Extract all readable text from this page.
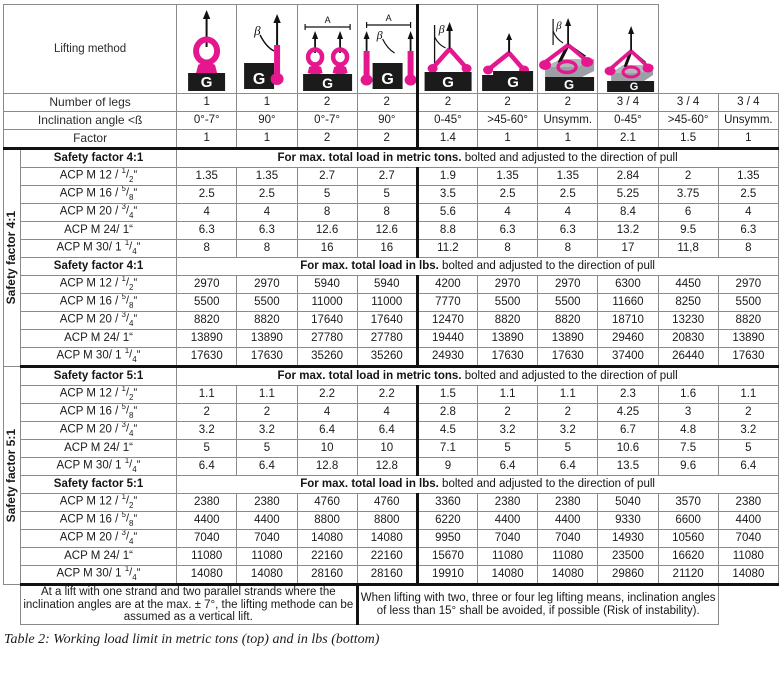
Lifting method		G	β
G	A
G	A
β
G	β
G	G	β
G	G		

Number of legs		1	1	2	2	2	2	2	3 / 4	3 / 4	3 / 4
Inclination angle <ß		0°-7°	90°	0°-7°	90°	0-45°	>45-60°	Unsymm.	0-45°	>45-60°	Unsymm.
Factor		1	1	2	2	1.4	1	1	2.1	1.5	1

Safety factor 4:1	Safety factor 4:1	For max. total load in metric tons. bolted and adjusted to the direction of pull									
	ACP M $12 / ^1/_2“$	1.35	1.35	2.7	2.7	1.9	1.35	1.35	2.84	2	1.35
	ACP M $16 / ^5/_8“$	2.5	2.5	5	5	3.5	2.5	2.5	5.25	3.75	2.5
	ACP M $20 / ^3/_4“$	4	4	8	8	5.6	4	4	8.4	6	4
	ACP M 24/ 1“	6.3	6.3	12.6	12.6	8.8	6.3	6.3	13.2	9.5	6.3
	ACP M 30/ 1 $^1/_4“$	8	8	16	16	11.2	8	8	17	11,8	8
	Safety factor 4:1	For max. total load in lbs. bolted and adjusted to the direction of pull									
	ACP M $12 / ^1/_2“$	2970	2970	5940	5940	4200	2970	2970	6300	4450	2970
	ACP M $16 / ^5/_8“$	5500	5500	11000	11000	7770	5500	5500	11660	8250	5500
	ACP M $20 / ^3/_4“$	8820	8820	17640	17640	12470	8820	8820	18710	13230	8820
	ACP M 24/ 1“	13890	13890	27780	27780	19440	13890	13890	29460	20830	13890
	ACP M 30/ 1 $^1/_4“$	17630	17630	35260	35260	24930	17630	17630	37400	26440	17630

Safety factor 5:1	Safety factor 5:1	For max. total load in metric tons. bolted and adjusted to the direction of pull									
	ACP M $12 / ^1/_2“$	1.1	1.1	2.2	2.2	1.5	1.1	1.1	2.3	1.6	1.1
	ACP M $16 / ^5/_8“$	2	2	4	4	2.8	2	2	4.25	3	2
	ACP M $20 / ^3/_4“$	3.2	3.2	6.4	6.4	4.5	3.2	3.2	6.7	4.8	3.2
	ACP M 24/ 1“	5	5	10	10	7.1	5	5	10.6	7.5	5
	ACP M 30/ 1 $^1/_4“$	6.4	6.4	12.8	12.8	9	6.4	6.4	13.5	9.6	6.4
	Safety factor 5:1	For max. total load in lbs. bolted and adjusted to the direction of pull									
	ACP M $12 / ^1/_2“$	2380	2380	4760	4760	3360	2380	2380	5040	3570	2380
	ACP M $16 / ^5/_8“$	4400	4400	8800	8800	6220	4400	4400	9330	6600	4400
	ACP M $20 / ^3/_4“$	7040	7040	14080	14080	9950	7040	7040	14930	10560	7040
	ACP M 24/ 1“	11080	11080	22160	22160	15670	11080	11080	23500	16620	11080
	ACP M 30/ 1 $^1/_4“$	14080	14080	28160	28160	19910	14080	14080	29860	21120	14080
	At a lift with one strand and two parallel strands where the inclination angles are at the max. ± 7°, the lifting methode can be assumed as a vertical lift.				When lifting with two, three or four leg lifting means, inclination angles of less than 15° shall be avoided, if possible (Risk of instability).						
Table 2: Working load limit in metric tons (top) and in lbs (bottom)
